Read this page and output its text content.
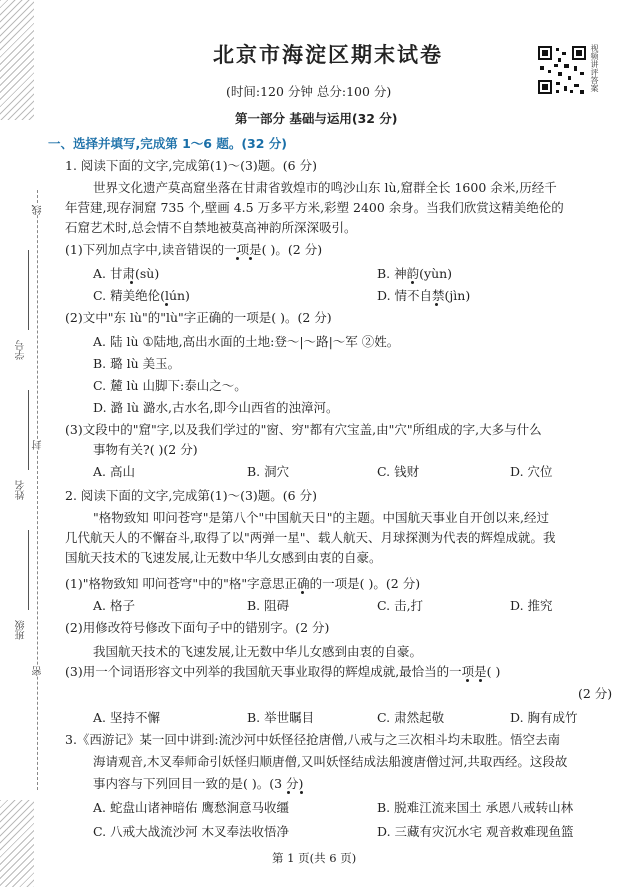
学号
姓名
班级
线
封
密
视频讲评答案
北京市海淀区期末试卷
(时间:120 分钟 总分:100 分)
第一部分 基础与运用(32 分)
一、选择并填写,完成第 1～6 题。(32 分)
1. 阅读下面的文字,完成第(1)～(3)题。(6 分)
世界文化遗产莫高窟坐落在甘肃省敦煌市的鸣沙山东 lù,窟群全长 1600 余米,历经千
年营建,现存洞窟 735 个,壁画 4.5 万多平方米,彩塑 2400 余身。当我们欣赏这精美绝伦的
石窟艺术时,总会情不自禁地被莫高神韵所深深吸引。
(1)下列加点字中,读音错误的一项是( )。(2 分)
A. 甘肃(sù)	B. 神韵(yùn)
C. 精美绝伦(lún)	D. 情不自禁(jìn)
(2)文中"东 lù"的"lù"字正确的一项是( )。(2 分)
A. 陆 lù ①陆地,高出水面的土地:登～|～路|～军 ②姓。
B. 璐 lù 美玉。
C. 麓 lù 山脚下:泰山之～。
D. 潞 lù 潞水,古水名,即今山西省的浊漳河。
(3)文段中的"窟"字,以及我们学过的"窗、穷"都有穴宝盖,由"穴"所组成的字,大多与什么
事物有关?( )(2 分)
A. 高山	B. 洞穴	C. 钱财	D. 穴位
2. 阅读下面的文字,完成第(1)～(3)题。(6 分)
"格物致知 叩问苍穹"是第八个"中国航天日"的主题。中国航天事业自开创以来,经过
几代航天人的不懈奋斗,取得了以"两弹一星"、载人航天、月球探测为代表的辉煌成就。我
国航天技术的飞速发展,让无数中华儿女感到由衷的自豪。
(1)"格物致知 叩问苍穹"中的"格"字意思正确的一项是( )。(2 分)
A. 格子	B. 阻碍	C. 击,打	D. 推究
(2)用修改符号修改下面句子中的错别字。(2 分)
我国航天技术的飞速发展,让无数中华儿女感到由衷的自豪。
(3)用一个词语形容文中列举的我国航天事业取得的辉煌成就,最恰当的一项是( )
(2 分)
A. 坚持不懈	B. 举世瞩目	C. 肃然起敬	D. 胸有成竹
3.《西游记》某一回中讲到:流沙河中妖怪径抢唐僧,八戒与之三次相斗均未取胜。悟空去南
海请观音,木叉奉师命引妖怪归顺唐僧,又叫妖怪结成法船渡唐僧过河,共取西经。这段故
事内容与下列回目一致的是( )。(3 分)
A. 蛇盘山诸神暗佑 鹰愁涧意马收缰	B. 脱难江流来国土 承恩八戒转山林
C. 八戒大战流沙河 木叉奉法收悟净	D. 三藏有灾沉水宅 观音救难现鱼篮
第 1 页(共 6 页)
